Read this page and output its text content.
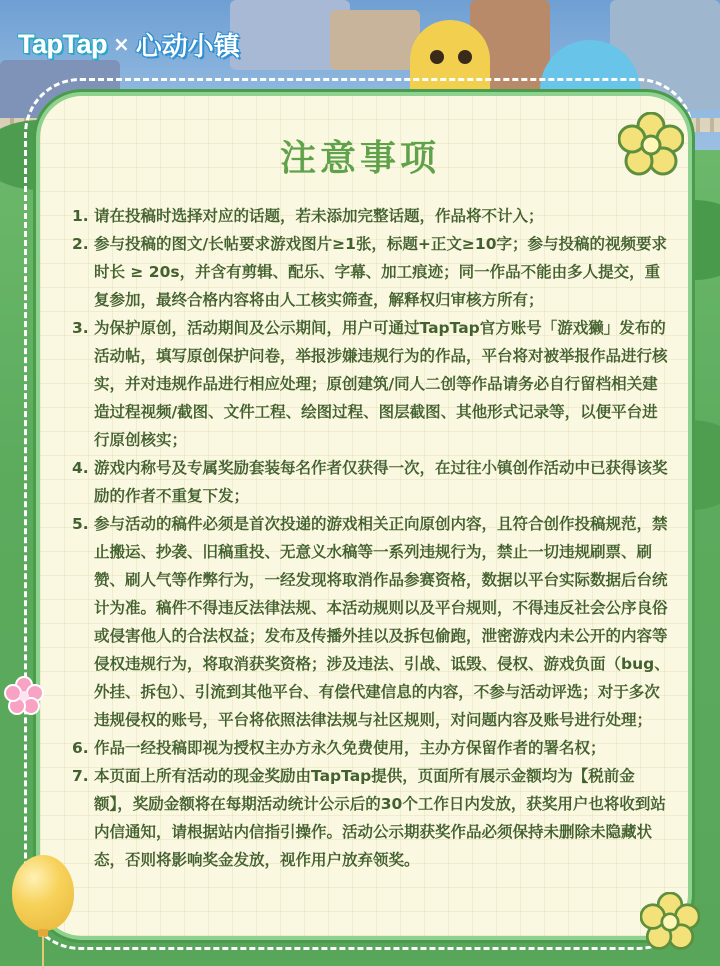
TapTap × 心动小镇
注意事项
1. 请在投稿时选择对应的话题，若未添加完整话题，作品将不计入；
2. 参与投稿的图文/长帖要求游戏图片≥1张，标题+正文≥10字；参与投稿的视频要求时长 ≥ 20s，并含有剪辑、配乐、字幕、加工痕迹；同一作品不能由多人提交，重复参加，最终合格内容将由人工核实筛查，解释权归审核方所有；
3. 为保护原创，活动期间及公示期间，用户可通过TapTap官方账号「游戏獭」发布的活动帖，填写原创保护问卷，举报涉嫌违规行为的作品，平台将对被举报作品进行核实，并对违规作品进行相应处理；原创建筑/同人二创等作品请务必自行留档相关建造过程视频/截图、文件工程、绘图过程、图层截图、其他形式记录等，以便平台进行原创核实；
4. 游戏内称号及专属奖励套装每名作者仅获得一次，在过往小镇创作活动中已获得该奖励的作者不重复下发；
5. 参与活动的稿件必须是首次投递的游戏相关正向原创内容，且符合创作投稿规范，禁止搬运、抄袭、旧稿重投、无意义水稿等一系列违规行为，禁止一切违规刷票、刷赞、刷人气等作弊行为，一经发现将取消作品参赛资格，数据以平台实际数据后台统计为准。稿件不得违反法律法规、本活动规则以及平台规则，不得违反社会公序良俗或侵害他人的合法权益；发布及传播外挂以及拆包偷跑，泄密游戏内未公开的内容等侵权违规行为，将取消获奖资格；涉及违法、引战、诋毁、侵权、游戏负面（bug、外挂、拆包）、引流到其他平台、有偿代建信息的内容，不参与活动评选；对于多次违规侵权的账号，平台将依照法律法规与社区规则，对问题内容及账号进行处理；
6. 作品一经投稿即视为授权主办方永久免费使用，主办方保留作者的署名权；
7. 本页面上所有活动的现金奖励由TapTap提供，页面所有展示金额均为【税前金额】，奖励金额将在每期活动统计公示后的30个工作日内发放，获奖用户也将收到站内信通知，请根据站内信指引操作。活动公示期获奖作品必须保持未删除未隐藏状态，否则将影响奖金发放，视作用户放弃领奖。
